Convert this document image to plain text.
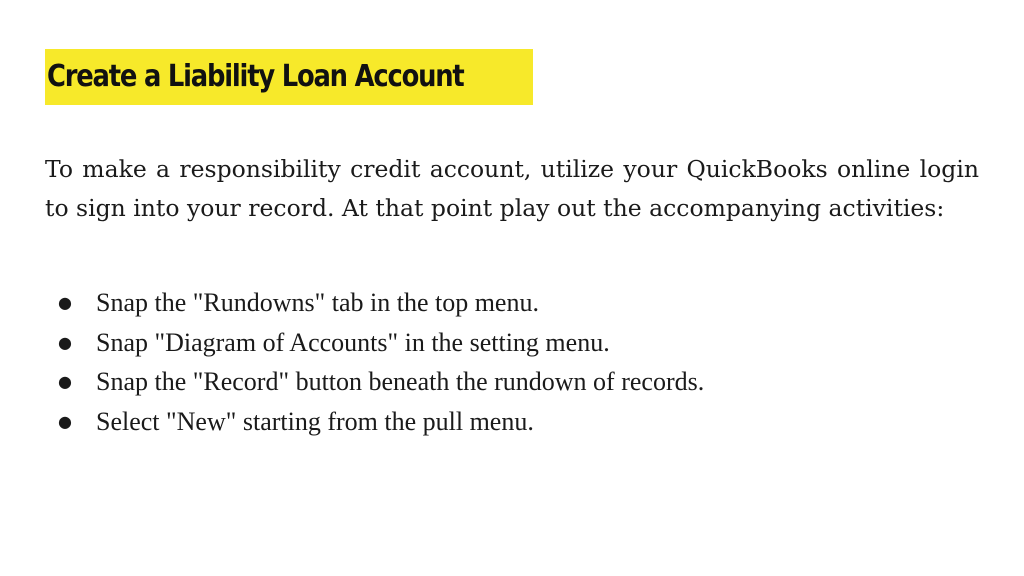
Create a Liability Loan Account

To make a responsibility credit account, utilize your QuickBooks online login to sign into your record. At that point play out the accompanying activities:

● Snap the "Rundowns" tab in the top menu.
● Snap "Diagram of Accounts" in the setting menu.
● Snap the "Record" button beneath the rundown of records.
● Select "New" starting from the pull menu.
